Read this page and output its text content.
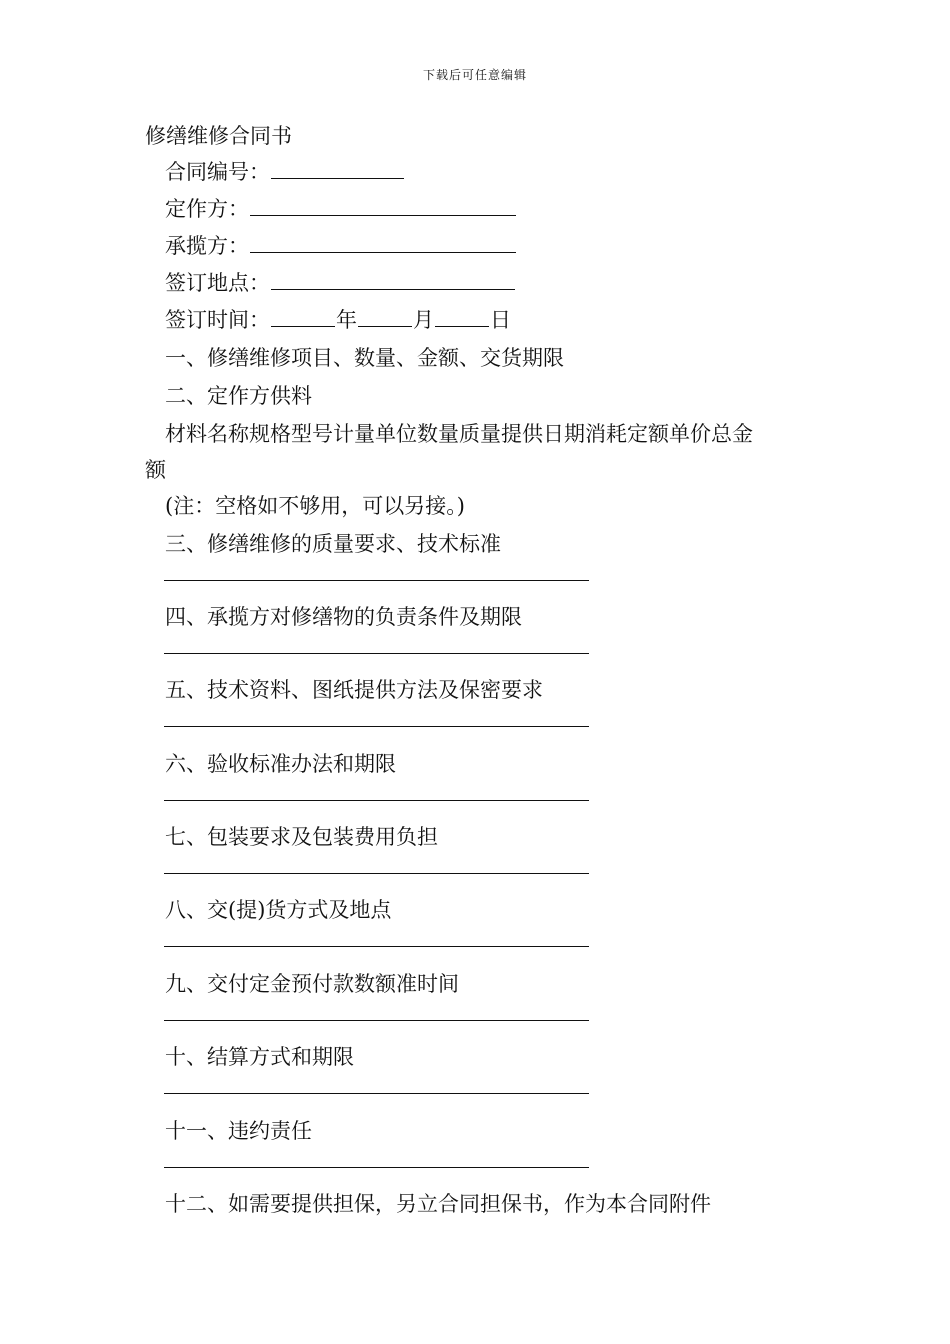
下载后可任意编辑
修缮维修合同书
合同编号：
定作方：
承揽方：
签订地点：
签订时间：	年	月	日
一、修缮维修项目、数量、金额、交货期限
二、定作方供料
材料名称规格型号计量单位数量质量提供日期消耗定额单价总金
额
(注：空格如不够用，可以另接。)
三、修缮维修的质量要求、技术标准
四、承揽方对修缮物的负责条件及期限
五、技术资料、图纸提供方法及保密要求
六、验收标准办法和期限
七、包装要求及包装费用负担
八、交(提)货方式及地点
九、交付定金预付款数额准时间
十、结算方式和期限
十一、违约责任
十二、如需要提供担保，另立合同担保书，作为本合同附件
